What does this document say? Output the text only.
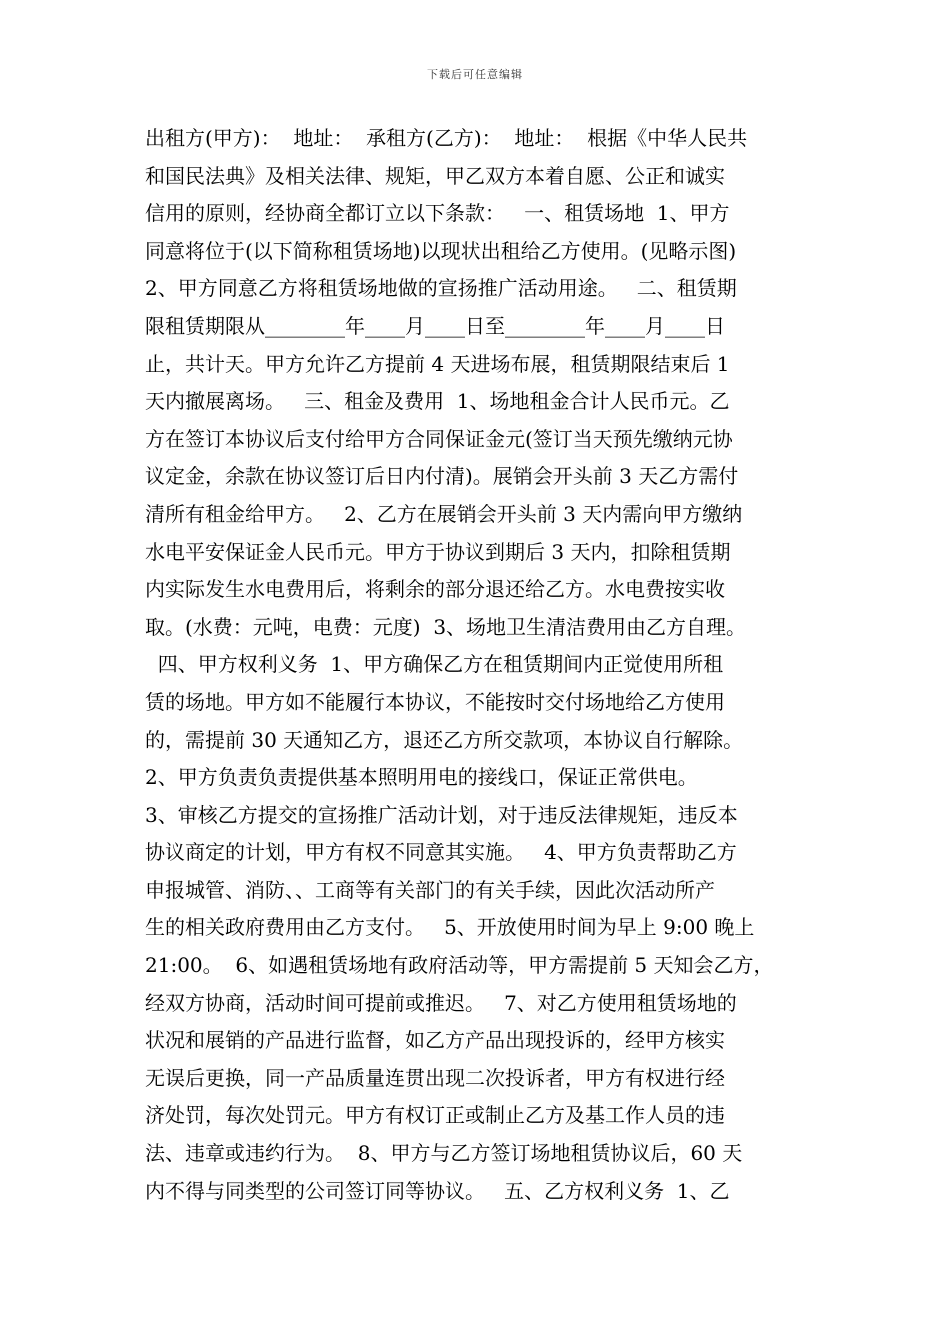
下载后可任意编辑
出租方(甲方)：  地址：  承租方(乙方)：  地址：  根据《中华人民共
和国民法典》及相关法律、规矩，甲乙双方本着自愿、公正和诚实
信用的原则，经协商全都订立以下条款：   一、租赁场地  1、甲方
同意将位于(以下简称租赁场地)以现状出租给乙方使用。(见略示图)
2、甲方同意乙方将租赁场地做的宣扬推广活动用途。   二、租赁期
限租赁期限从________年____月____日至________年____月____日
止，共计天。甲方允许乙方提前 4 天进场布展，租赁期限结束后 1
天内撤展离场。   三、租金及费用  1、场地租金合计人民币元。乙
方在签订本协议后支付给甲方合同保证金元(签订当天预先缴纳元协
议定金，余款在协议签订后日内付清)。展销会开头前 3 天乙方需付
清所有租金给甲方。   2、乙方在展销会开头前 3 天内需向甲方缴纳
水电平安保证金人民币元。甲方于协议到期后 3 天内，扣除租赁期
内实际发生水电费用后，将剩余的部分退还给乙方。水电费按实收
取。(水费：元吨，电费：元度)  3、场地卫生清洁费用由乙方自理。
四、甲方权利义务  1、甲方确保乙方在租赁期间内正觉使用所租
赁的场地。甲方如不能履行本协议，不能按时交付场地给乙方使用
的，需提前 30 天通知乙方，退还乙方所交款项，本协议自行解除。
2、甲方负责负责提供基本照明用电的接线口，保证正常供电。
3、审核乙方提交的宣扬推广活动计划，对于违反法律规矩，违反本
协议商定的计划，甲方有权不同意其实施。   4、甲方负责帮助乙方
申报城管、消防、、工商等有关部门的有关手续，因此次活动所产
生的相关政府费用由乙方支付。   5、开放使用时间为早上 9:00 晚上
21:00。  6、如遇租赁场地有政府活动等，甲方需提前 5 天知会乙方，
经双方协商，活动时间可提前或推迟。   7、对乙方使用租赁场地的
状况和展销的产品进行监督，如乙方产品出现投诉的，经甲方核实
无误后更换，同一产品质量连贯出现二次投诉者，甲方有权进行经
济处罚，每次处罚元。甲方有权订正或制止乙方及基工作人员的违
法、违章或违约行为。  8、甲方与乙方签订场地租赁协议后，60 天
内不得与同类型的公司签订同等协议。   五、乙方权利义务  1、乙
